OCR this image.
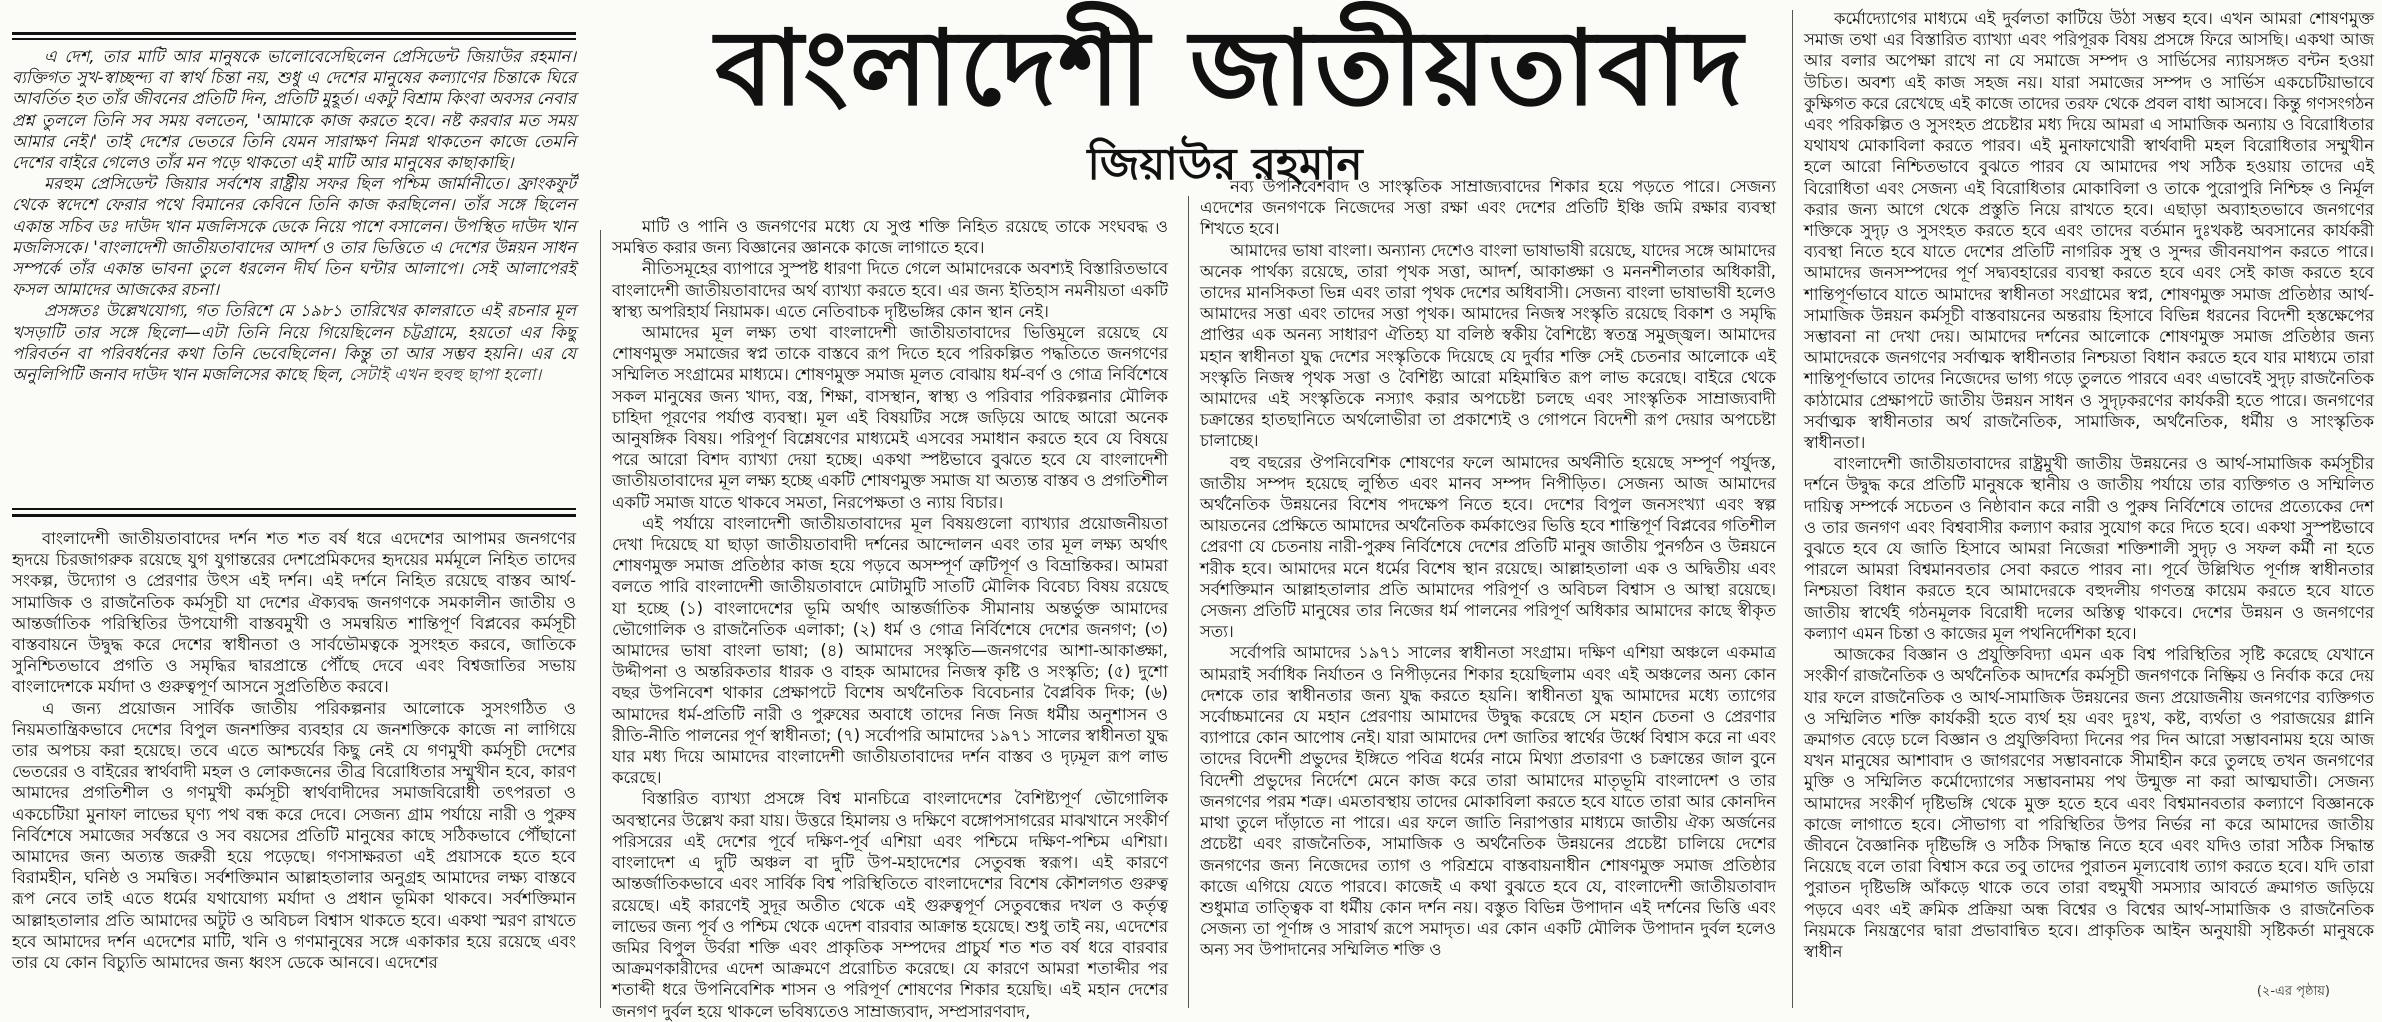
বাংলাদেশী জাতীয়তাবাদ
জিয়াউর রহমান

এ দেশ, তার মাটি আর মানুষকে ভালোবেসেছিলেন প্রেসিডেন্ট জিয়াউর রহমান। ব্যক্তিগত সুখ-স্বাচ্ছন্দ্য বা স্বার্থ চিন্তা নয়, শুধু এ দেশের মানুষের কল্যাণের চিন্তাকে ঘিরে আবর্তিত হত তাঁর জীবনের প্রতিটি দিন, প্রতিটি মুহূর্ত। একটু বিশ্রাম কিংবা অবসর নেবার প্রশ্ন তুললে তিনি সব সময় বলতেন, 'আমাকে কাজ করতে হবে। নষ্ট করবার মত সময় আমার নেই।' তাই দেশের ভেতরে তিনি যেমন সারাক্ষণ নিমগ্ন থাকতেন কাজে তেমনি দেশের বাইরে গেলেও তাঁর মন পড়ে থাকতো এই মাটি আর মানুষের কাছাকাছি।

মরহুম প্রেসিডেন্ট জিয়ার সর্বশেষ রাষ্ট্রীয় সফর ছিল পশ্চিম জার্মানীতে। ফ্রাংকফুর্ট থেকে স্বদেশে ফেরার পথে বিমানের কেবিনে তিনি কাজ করছিলেন। তাঁর সঙ্গে ছিলেন একান্ত সচিব ডঃ দাউদ খান মজলিসকে ডেকে নিয়ে পাশে বসালেন। উপস্থিত দাউদ খান মজলিসকে। 'বাংলাদেশী জাতীয়তাবাদের আদর্শ ও তার ভিত্তিতে এ দেশের উন্নয়ন সাধন সম্পর্কে তাঁর একান্ত ভাবনা তুলে ধরলেন দীর্ঘ তিন ঘন্টার আলাপে। সেই আলাপেরই ফসল আমাদের আজকের রচনা।

প্রসঙ্গতঃ উল্লেখযোগ্য, গত তিরিশে মে ১৯৮১ তারিখের কালরাতে এই রচনার মূল খসড়াটি তার সঙ্গে ছিলো—এটা তিনি নিয়ে গিয়েছিলেন চট্টগ্রামে, হয়তো এর কিছু পরিবর্তন বা পরিবর্ধনের কথা তিনি ভেবেছিলেন। কিন্তু তা আর সম্ভব হয়নি। এর যে অনুলিপিটি জনাব দাউদ খান মজলিসের কাছে ছিল, সেটাই এখন হুবহু ছাপা হলো।

বাংলাদেশী জাতীয়তাবাদের দর্শন শত শত বর্ষ ধরে এদেশের আপামর জনগণের হৃদয়ে চিরজাগরুক রয়েছে যুগ যুগান্তরের দেশপ্রেমিকদের হৃদয়ের মর্মমূলে নিহিত তাদের সংকল্প, উদ্যোগ ও প্রেরণার উৎস এই দর্শন। এই দর্শনে নিহিত রয়েছে বাস্তব আর্থ-সামাজিক ও রাজনৈতিক কর্মসূচী যা দেশের ঐক্যবদ্ধ জনগণকে সমকালীন জাতীয় ও আন্তর্জাতিক পরিস্থিতির উপযোগী বাস্তবমুখী ও সমন্বয়িত শান্তিপূর্ণ বিপ্লবের কর্মসূচী বাস্তবায়নে উদ্বুদ্ধ করে দেশের স্বাধীনতা ও সার্বভৌমত্বকে সুসংহত করবে, জাতিকে সুনিশ্চিতভাবে প্রগতি ও সমৃদ্ধির দ্বারপ্রান্তে পৌঁছে দেবে এবং বিশ্বজাতির সভায় বাংলাদেশকে মর্যাদা ও গুরুত্বপূর্ণ আসনে সুপ্রতিষ্ঠিত করবে।

এ জন্য প্রয়োজন সার্বিক জাতীয় পরিকল্পনার আলোকে সুসংগঠিত ও নিয়মতান্ত্রিকভাবে দেশের বিপুল জনশক্তির ব্যবহার যে জনশক্তিকে কাজে না লাগিয়ে তার অপচয় করা হয়েছে। তবে এতে আশ্চর্যের কিছু নেই যে গণমুখী কর্মসূচী দেশের ভেতরের ও বাইরের স্বার্থবাদী মহল ও লোকজনের তীব্র বিরোধিতার সম্মুখীন হবে, কারণ আমাদের প্রগতিশীল ও গণমুখী কর্মসূচী স্বার্থবাদীদের সমাজবিরোধী তৎপরতা ও একচেটিয়া মুনাফা লাভের ঘৃণ্য পথ বন্ধ করে দেবে। সেজন্য গ্রাম পর্যায়ে নারী ও পুরুষ নির্বিশেষে সমাজের সর্বস্তরে ও সব বয়সের প্রতিটি মানুষের কাছে সঠিকভাবে পৌঁছানো আমাদের জন্য অত্যন্ত জরুরী হয়ে পড়েছে। গণসাক্ষরতা এই প্রয়াসকে হতে হবে বিরামহীন, ঘনিষ্ঠ ও সমন্বিত। সর্বশক্তিমান আল্লাহতালার অনুগ্রহ আমাদের লক্ষ্য বাস্তবে রূপ নেবে তাই এতে ধর্মের যথাযোগ্য মর্যাদা ও প্রধান ভূমিকা থাকবে। সর্বশক্তিমান আল্লাহতালার প্রতি আমাদের অটুট ও অবিচল বিশ্বাস থাকতে হবে। একথা স্মরণ রাখতে হবে আমাদের দর্শন এদেশের মাটি, খনি ও গণমানুষের সঙ্গে একাকার হয়ে রয়েছে এবং তার যে কোন বিচ্যুতি আমাদের জন্য ধ্বংস ডেকে আনবে। এদেশের

মাটি ও পানি ও জনগণের মধ্যে যে সুপ্ত শক্তি নিহিত রয়েছে তাকে সংঘবদ্ধ ও সমন্বিত করার জন্য বিজ্ঞানের জ্ঞানকে কাজে লাগাতে হবে।

নীতিসমূহের ব্যাপারে সুস্পষ্ট ধারণা দিতে গেলে আমাদেরকে অবশ্যই বিস্তারিতভাবে বাংলাদেশী জাতীয়তাবাদের অর্থ ব্যাখ্যা করতে হবে। এর জন্য ইতিহাস নমনীয়তা একটি স্বাস্থ্য অপরিহার্য নিয়ামক। এতে নেতিবাচক দৃষ্টিভঙ্গির কোন স্থান নেই।

আমাদের মূল লক্ষ্য তথা বাংলাদেশী জাতীয়তাবাদের ভিত্তিমূলে রয়েছে যে শোষণমুক্ত সমাজের স্বপ্ন তাকে বাস্তবে রূপ দিতে হবে পরিকল্পিত পদ্ধতিতে জনগণের সম্মিলিত সংগ্রামের মাধ্যমে। শোষণমুক্ত সমাজ মূলত বোঝায় ধর্ম-বর্ণ ও গোত্র নির্বিশেষে সকল মানুষের জন্য খাদ্য, বস্ত্র, শিক্ষা, বাসস্থান, স্বাস্থ্য ও পরিবার পরিকল্পনার মৌলিক চাহিদা পূরণের পর্যাপ্ত ব্যবস্থা। মূল এই বিষয়টির সঙ্গে জড়িয়ে আছে আরো অনেক আনুষঙ্গিক বিষয়। পরিপূর্ণ বিশ্লেষণের মাধ্যমেই এসবের সমাধান করতে হবে যে বিষয়ে পরে আরো বিশদ ব্যাখ্যা দেয়া হচ্ছে। একথা স্পষ্টভাবে বুঝতে হবে যে বাংলাদেশী জাতীয়তাবাদের মূল লক্ষ্য হচ্ছে একটি শোষণমুক্ত সমাজ যা অত্যন্ত বাস্তব ও প্রগতিশীল একটি সমাজ যাতে থাকবে সমতা, নিরপেক্ষতা ও ন্যায় বিচার।

এই পর্যায়ে বাংলাদেশী জাতীয়তাবাদের মূল বিষয়গুলো ব্যাখ্যার প্রয়োজনীয়তা দেখা দিয়েছে যা ছাড়া জাতীয়তাবাদী দর্শনের আন্দোলন এবং তার মূল লক্ষ্য অর্থাৎ শোষণমুক্ত সমাজ প্রতিষ্ঠার কাজ হয়ে পড়বে অসম্পূর্ণ ত্রুটিপূর্ণ ও বিভ্রান্তিকর। আমরা বলতে পারি বাংলাদেশী জাতীয়তাবাদে মোটামুটি সাতটি মৌলিক বিবেচ্য বিষয় রয়েছে যা হচ্ছে (১) বাংলাদেশের ভূমি অর্থাৎ আন্তর্জাতিক সীমানায় অন্তর্ভুক্ত আমাদের ভৌগোলিক ও রাজনৈতিক এলাকা; (২) ধর্ম ও গোত্র নির্বিশেষে দেশের জনগণ; (৩) আমাদের ভাষা বাংলা ভাষা; (৪) আমাদের সংস্কৃতি—জনগণের আশা-আকাঙ্ক্ষা, উদ্দীপনা ও অন্তরিকতার ধারক ও বাহক আমাদের নিজস্ব কৃষ্টি ও সংস্কৃতি; (৫) দুশো বছর উপনিবেশ থাকার প্রেক্ষাপটে বিশেষ অর্থনৈতিক বিবেচনার বৈপ্লবিক দিক; (৬) আমাদের ধর্ম-প্রতিটি নারী ও পুরুষের অবাধে তাদের নিজ নিজ ধর্মীয় অনুশাসন ও রীতি-নীতি পালনের পূর্ণ স্বাধীনতা; (৭) সর্বোপরি আমাদের ১৯৭১ সালের স্বাধীনতা যুদ্ধ যার মধ্য দিয়ে আমাদের বাংলাদেশী জাতীয়তাবাদের দর্শন বাস্তব ও দৃঢ়মূল রূপ লাভ করেছে।

বিস্তারিত ব্যাখ্যা প্রসঙ্গে বিশ্ব মানচিত্রে বাংলাদেশের বৈশিষ্ট্যপূর্ণ ভৌগোলিক অবস্থানের উল্লেখ করা যায়। উত্তরে হিমালয় ও দক্ষিণে বঙ্গোপসাগরের মাঝখানে সংকীর্ণ পরিসরের এই দেশের পূর্বে দক্ষিণ-পূর্ব এশিয়া এবং পশ্চিমে দক্ষিণ-পশ্চিম এশিয়া। বাংলাদেশ এ দুটি অঞ্চল বা দুটি উপ-মহাদেশের সেতুবন্ধ স্বরূপ। এই কারণে আন্তর্জাতিকভাবে এবং সার্বিক বিশ্ব পরিস্থিতিতে বাংলাদেশের বিশেষ কৌশলগত গুরুত্ব রয়েছে। এই কারণেই সুদূর অতীত থেকে এই গুরুত্বপূর্ণ সেতুবন্ধের দখল ও কর্তৃত্ব লাভের জন্য পূর্ব ও পশ্চিম থেকে এদেশ বারবার আক্রান্ত হয়েছে। শুধু তাই নয়, এদেশের জমির বিপুল উর্বরা শক্তি এবং প্রাকৃতিক সম্পদের প্রাচুর্য শত শত বর্ষ ধরে বারবার আক্রমণকারীদের এদেশ আক্রমণে প্ররোচিত করেছে। যে কারণে আমরা শতাব্দীর পর শতাব্দী ধরে উপনিবেশিক শাসন ও পরিপূর্ণ শোষণের শিকার হয়েছি। এই মহান দেশের জনগণ দুর্বল হয়ে থাকলে ভবিষ্যতেও সাম্রাজ্যবাদ, সম্প্রসারণবাদ,

নব্য উপনিবেশবাদ ও সাংস্কৃতিক সাম্রাজ্যবাদের শিকার হয়ে পড়তে পারে। সেজন্য এদেশের জনগণকে নিজেদের সত্তা রক্ষা এবং দেশের প্রতিটি ইঞ্চি জমি রক্ষার ব্যবস্থা শিখতে হবে।

আমাদের ভাষা বাংলা। অন্যান্য দেশেও বাংলা ভাষাভাষী রয়েছে, যাদের সঙ্গে আমাদের অনেক পার্থক্য রয়েছে, তারা পৃথক সত্তা, আদর্শ, আকাঙ্ক্ষা ও মননশীলতার অধিকারী, তাদের মানসিকতা ভিন্ন এবং তারা পৃথক দেশের অধিবাসী। সেজন্য বাংলা ভাষাভাষী হলেও আমাদের সত্তা এবং তাদের সত্তা পৃথক। আমাদের নিজস্ব সংস্কৃতি রয়েছে বিকাশ ও সমৃদ্ধি প্রাপ্তির এক অনন্য সাধারণ ঐতিহ্য যা বলিষ্ঠ স্বকীয় বৈশিষ্ট্যে স্বতন্ত্র সমুজ্জ্বল। আমাদের মহান স্বাধীনতা যুদ্ধ দেশের সংস্কৃতিকে দিয়েছে যে দুর্বার শক্তি সেই চেতনার আলোকে এই সংস্কৃতি নিজস্ব পৃথক সত্তা ও বৈশিষ্ট্য আরো মহিমান্বিত রূপ লাভ করেছে। বাইরে থেকে আমাদের এই সংস্কৃতিকে নস্যাৎ করার অপচেষ্টা চলছে এবং সাংস্কৃতিক সাম্রাজ্যবাদী চক্রান্তের হাতছানিতে অর্থলোভীরা তা প্রকাশ্যেই ও গোপনে বিদেশী রূপ দেয়ার অপচেষ্টা চালাচ্ছে।

বহু বছরের ঔপনিবেশিক শোষণের ফলে আমাদের অর্থনীতি হয়েছে সম্পূর্ণ পর্যুদস্ত, জাতীয় সম্পদ হয়েছে লুণ্ঠিত এবং মানব সম্পদ নিপীড়িত। সেজন্য আজ আমাদের অর্থনৈতিক উন্নয়নের বিশেষ পদক্ষেপ নিতে হবে। দেশের বিপুল জনসংখ্যা এবং স্বল্প আয়তনের প্রেক্ষিতে আমাদের অর্থনৈতিক কর্মকাণ্ডের ভিত্তি হবে শান্তিপূর্ণ বিপ্লবের গতিশীল প্রেরণা যে চেতনায় নারী-পুরুষ নির্বিশেষে দেশের প্রতিটি মানুষ জাতীয় পুনর্গঠন ও উন্নয়নে শরীক হবে। আমাদের মনে ধর্মের বিশেষ স্থান রয়েছে। আল্লাহতালা এক ও অদ্বিতীয় এবং সর্বশক্তিমান আল্লাহতালার প্রতি আমাদের পরিপূর্ণ ও অবিচল বিশ্বাস ও আস্থা রয়েছে। সেজন্য প্রতিটি মানুষের তার নিজের ধর্ম পালনের পরিপূর্ণ অধিকার আমাদের কাছে স্বীকৃত সত্য।

সর্বোপরি আমাদের ১৯৭১ সালের স্বাধীনতা সংগ্রাম। দক্ষিণ এশিয়া অঞ্চলে একমাত্র আমরাই সর্বাধিক নির্যাতন ও নিপীড়নের শিকার হয়েছিলাম এবং এই অঞ্চলের অন্য কোন দেশকে তার স্বাধীনতার জন্য যুদ্ধ করতে হয়নি। স্বাধীনতা যুদ্ধ আমাদের মধ্যে ত্যাগের সর্বোচ্চমানের যে মহান প্রেরণায় আমাদের উদ্বুদ্ধ করেছে সে মহান চেতনা ও প্রেরণার ব্যাপারে কোন আপোষ নেই। যারা আমাদের দেশ জাতির স্বার্থের উর্ধ্বে বিশ্বাস করে না এবং তাদের বিদেশী প্রভুদের ইঙ্গিতে পবিত্র ধর্মের নামে মিথ্যা প্রতারণা ও চক্রান্তের জাল বুনে বিদেশী প্রভুদের নির্দেশে মেনে কাজ করে তারা আমাদের মাতৃভূমি বাংলাদেশ ও তার জনগণের পরম শত্রু। এমতাবস্থায় তাদের মোকাবিলা করতে হবে যাতে তারা আর কোনদিন মাথা তুলে দাঁড়াতে না পারে। এর ফলে জাতি নিরাপত্তার মাধ্যমে জাতীয় ঐক্য অর্জনের প্রচেষ্টা এবং রাজনৈতিক, সামাজিক ও অর্থনৈতিক উন্নয়নের প্রচেষ্টা চালিয়ে দেশের জনগণের জন্য নিজেদের ত্যাগ ও পরিশ্রমে বাস্তবায়নাধীন শোষণমুক্ত সমাজ প্রতিষ্ঠার কাজে এগিয়ে যেতে পারবে। কাজেই এ কথা বুঝতে হবে যে, বাংলাদেশী জাতীয়তাবাদ শুধুমাত্র তাত্ত্বিক বা ধর্মীয় কোন দর্শন নয়। বস্তুত বিভিন্ন উপাদান এই দর্শনের ভিত্তি এবং সেজন্য তা পূর্ণাঙ্গ ও সারার্থ রূপে সমাদৃত। এর কোন একটি মৌলিক উপাদান দুর্বল হলেও অন্য সব উপাদানের সম্মিলিত শক্তি ও

কর্মোদ্যোগের মাধ্যমে এই দুর্বলতা কাটিয়ে উঠা সম্ভব হবে। এখন আমরা শোষণমুক্ত সমাজ তথা এর বিস্তারিত ব্যাখ্যা এবং পরিপূরক বিষয় প্রসঙ্গে ফিরে আসছি। একথা আজ আর বলার অপেক্ষা রাখে না যে সমাজে সম্পদ ও সার্ভিসের ন্যায়সঙ্গত বন্টন হওয়া উচিত। অবশ্য এই কাজ সহজ নয়। যারা সমাজের সম্পদ ও সার্ভিস একচেটিয়াভাবে কুক্ষিগত করে রেখেছে এই কাজে তাদের তরফ থেকে প্রবল বাধা আসবে। কিন্তু গণসংগঠন এবং পরিকল্পিত ও সুসংহত প্রচেষ্টার মধ্য দিয়ে আমরা এ সামাজিক অন্যায় ও বিরোধিতার যথাযথ মোকাবিলা করতে পারব। এই মুনাফাখোরী স্বার্থবাদী মহল বিরোধিতার সম্মুখীন হলে আরো নিশ্চিতভাবে বুঝতে পারব যে আমাদের পথ সঠিক হওয়ায় তাদের এই বিরোধিতা এবং সেজন্য এই বিরোধিতার মোকাবিলা ও তাকে পুরোপুরি নিশ্চিহ্ন ও নির্মূল করার জন্য আগে থেকে প্রস্তুতি নিয়ে রাখতে হবে। এছাড়া অব্যাহতভাবে জনগণের শক্তিকে সুদৃঢ় ও সুসংহত করতে হবে এবং তাদের বর্তমান দুঃখকষ্ট অবসানের কার্যকরী ব্যবস্থা নিতে হবে যাতে দেশের প্রতিটি নাগরিক সুস্থ ও সুন্দর জীবনযাপন করতে পারে। আমাদের জনসম্পদের পূর্ণ সদ্ব্যবহারের ব্যবস্থা করতে হবে এবং সেই কাজ করতে হবে শান্তিপূর্ণভাবে যাতে আমাদের স্বাধীনতা সংগ্রামের স্বপ্ন, শোষণমুক্ত সমাজ প্রতিষ্ঠার আর্থ-সামাজিক উন্নয়ন কর্মসূচী বাস্তবায়নের অন্তরায় হিসাবে বিভিন্ন ধরনের বিদেশী হস্তক্ষেপের সম্ভাবনা না দেখা দেয়। আমাদের দর্শনের আলোকে শোষণমুক্ত সমাজ প্রতিষ্ঠার জন্য আমাদেরকে জনগণের সর্বাত্মক স্বাধীনতার নিশ্চয়তা বিধান করতে হবে যার মাধ্যমে তারা শান্তিপূর্ণভাবে তাদের নিজেদের ভাগ্য গড়ে তুলতে পারবে এবং এভাবেই সুদৃঢ় রাজনৈতিক কাঠামোর প্রেক্ষাপটে জাতীয় উন্নয়ন সাধন ও সুদৃঢ়করণের কার্যকরী হতে পারে। জনগণের সর্বাত্মক স্বাধীনতার অর্থ রাজনৈতিক, সামাজিক, অর্থনৈতিক, ধর্মীয় ও সাংস্কৃতিক স্বাধীনতা।

বাংলাদেশী জাতীয়তাবাদের রাষ্ট্রমুখী জাতীয় উন্নয়নের ও আর্থ-সামাজিক কর্মসূচীর দর্শনে উদ্বুদ্ধ করে প্রতিটি মানুষকে স্থানীয় ও জাতীয় পর্যায়ে তার ব্যক্তিগত ও সম্মিলিত দায়িত্ব সম্পর্কে সচেতন ও নিষ্ঠাবান করে নারী ও পুরুষ নির্বিশেষে তাদের প্রত্যেকের দেশ ও তার জনগণ এবং বিশ্ববাসীর কল্যাণ করার সুযোগ করে দিতে হবে। একথা সুস্পষ্টভাবে বুঝতে হবে যে জাতি হিসাবে আমরা নিজেরা শক্তিশালী সুদৃঢ় ও সফল কর্মী না হতে পারলে আমরা বিশ্বমানবতার সেবা করতে পারব না। পূর্বে উল্লিখিত পূর্ণাঙ্গ স্বাধীনতার নিশ্চয়তা বিধান করতে হবে আমাদেরকে বহুদলীয় গণতন্ত্র কায়েম করতে হবে যাতে জাতীয় স্বার্থেই গঠনমূলক বিরোধী দলের অস্তিত্ব থাকবে। দেশের উন্নয়ন ও জনগণের কল্যাণ এমন চিন্তা ও কাজের মূল পথনির্দেশিকা হবে।

আজকের বিজ্ঞান ও প্রযুক্তিবিদ্যা এমন এক বিশ্ব পরিস্থিতির সৃষ্টি করেছে যেখানে সংকীর্ণ রাজনৈতিক ও অর্থনৈতিক আদর্শের কর্মসূচী জনগণকে নিষ্ক্রিয় ও নির্বাক করে দেয় যার ফলে রাজনৈতিক ও আর্থ-সামাজিক উন্নয়নের জন্য প্রয়োজনীয় জনগণের ব্যক্তিগত ও সম্মিলিত শক্তি কার্যকরী হতে ব্যর্থ হয় এবং দুঃখ, কষ্ট, ব্যর্থতা ও পরাজয়ের গ্লানি ক্রমাগত বেড়ে চলে বিজ্ঞান ও প্রযুক্তিবিদ্যা দিনের পর দিন আরো সম্ভাবনাময় হয়ে আজ যখন মানুষের আশাবাদ ও জাগরণের সম্ভাবনাকে সীমাহীন করে তুলছে তখন জনগণের মুক্তি ও সম্মিলিত কর্মোদ্যোগের সম্ভাবনাময় পথ উন্মুক্ত না করা আত্মঘাতী। সেজন্য আমাদের সংকীর্ণ দৃষ্টিভঙ্গি থেকে মুক্ত হতে হবে এবং বিশ্বমানবতার কল্যাণে বিজ্ঞানকে কাজে লাগাতে হবে। সৌভাগ্য বা পরিস্থিতির উপর নির্ভর না করে আমাদের জাতীয় জীবনে বৈজ্ঞানিক দৃষ্টিভঙ্গি ও সঠিক সিদ্ধান্ত নিতে হবে এবং যদিও তারা সঠিক সিদ্ধান্ত নিয়েছে বলে তারা বিশ্বাস করে তবু তাদের পুরাতন মূল্যবোধ ত্যাগ করতে হবে। যদি তারা পুরাতন দৃষ্টিভঙ্গি আঁকড়ে থাকে তবে তারা বহুমুখী সমস্যার আবর্তে ক্রমাগত জড়িয়ে পড়বে এবং এই ক্রমিক প্রক্রিয়া অন্ধ বিশ্বের ও বিশ্বের আর্থ-সামাজিক ও রাজনৈতিক নিয়মকে নিয়ন্ত্রণের দ্বারা প্রভাবান্বিত হবে। প্রাকৃতিক আইন অনুযায়ী সৃষ্টিকর্তা মানুষকে স্বাধীন

(২-এর পৃষ্ঠায়)
